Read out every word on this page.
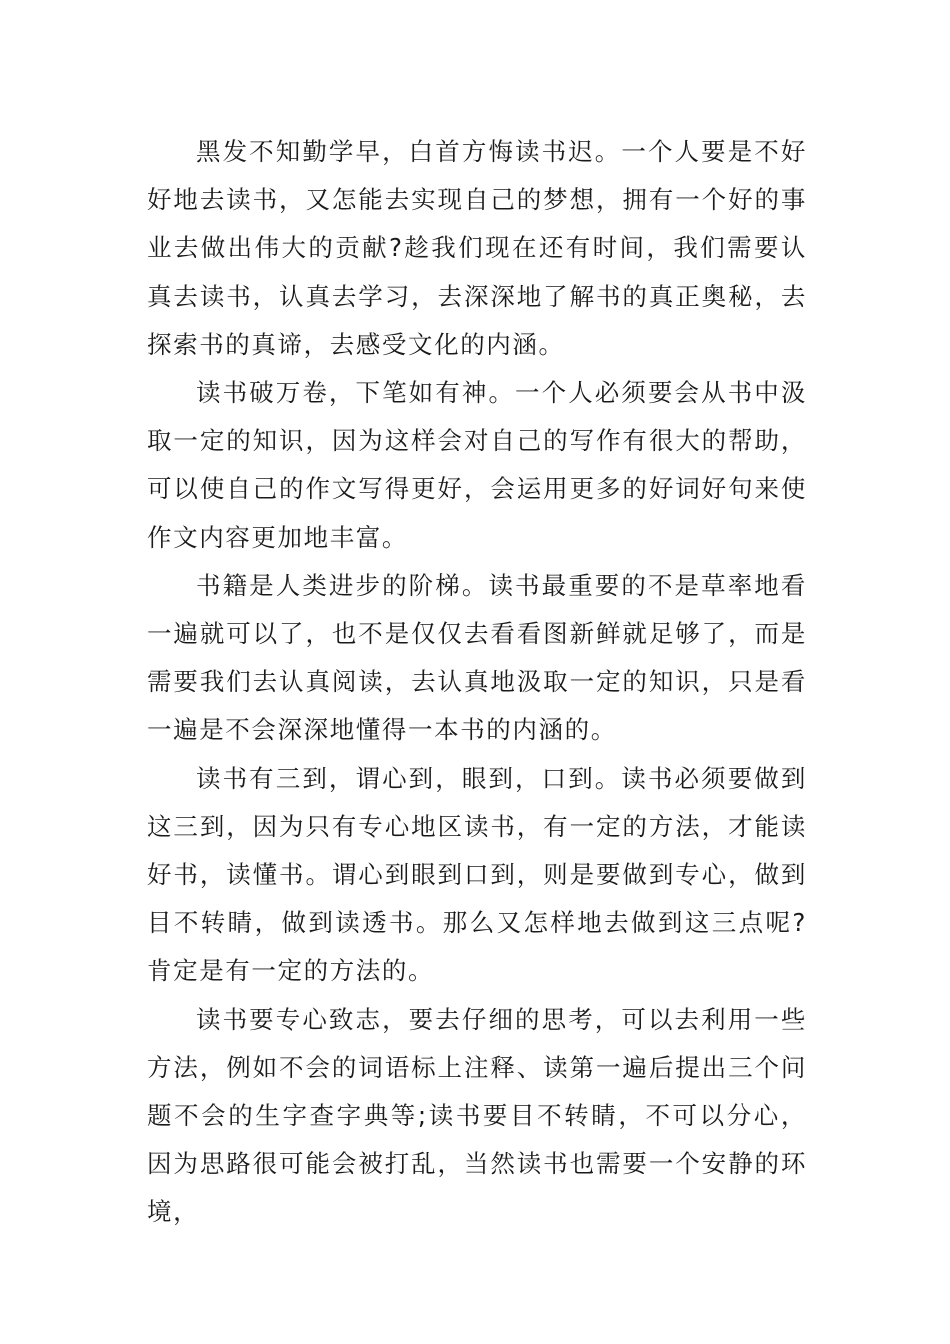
黑发不知勤学早，白首方悔读书迟。一个人要是不好好地去读书，又怎能去实现自己的梦想，拥有一个好的事业去做出伟大的贡献?趁我们现在还有时间，我们需要认真去读书，认真去学习，去深深地了解书的真正奥秘，去探索书的真谛，去感受文化的内涵。

读书破万卷，下笔如有神。一个人必须要会从书中汲取一定的知识，因为这样会对自己的写作有很大的帮助，可以使自己的作文写得更好，会运用更多的好词好句来使作文内容更加地丰富。

书籍是人类进步的阶梯。读书最重要的不是草率地看一遍就可以了，也不是仅仅去看看图新鲜就足够了，而是需要我们去认真阅读，去认真地汲取一定的知识，只是看一遍是不会深深地懂得一本书的内涵的。

读书有三到，谓心到，眼到，口到。读书必须要做到这三到，因为只有专心地区读书，有一定的方法，才能读好书，读懂书。谓心到眼到口到，则是要做到专心，做到目不转睛，做到读透书。那么又怎样地去做到这三点呢?肯定是有一定的方法的。

读书要专心致志，要去仔细的思考，可以去利用一些方法，例如不会的词语标上注释、读第一遍后提出三个问题不会的生字查字典等;读书要目不转睛，不可以分心，因为思路很可能会被打乱，当然读书也需要一个安静的环境，
